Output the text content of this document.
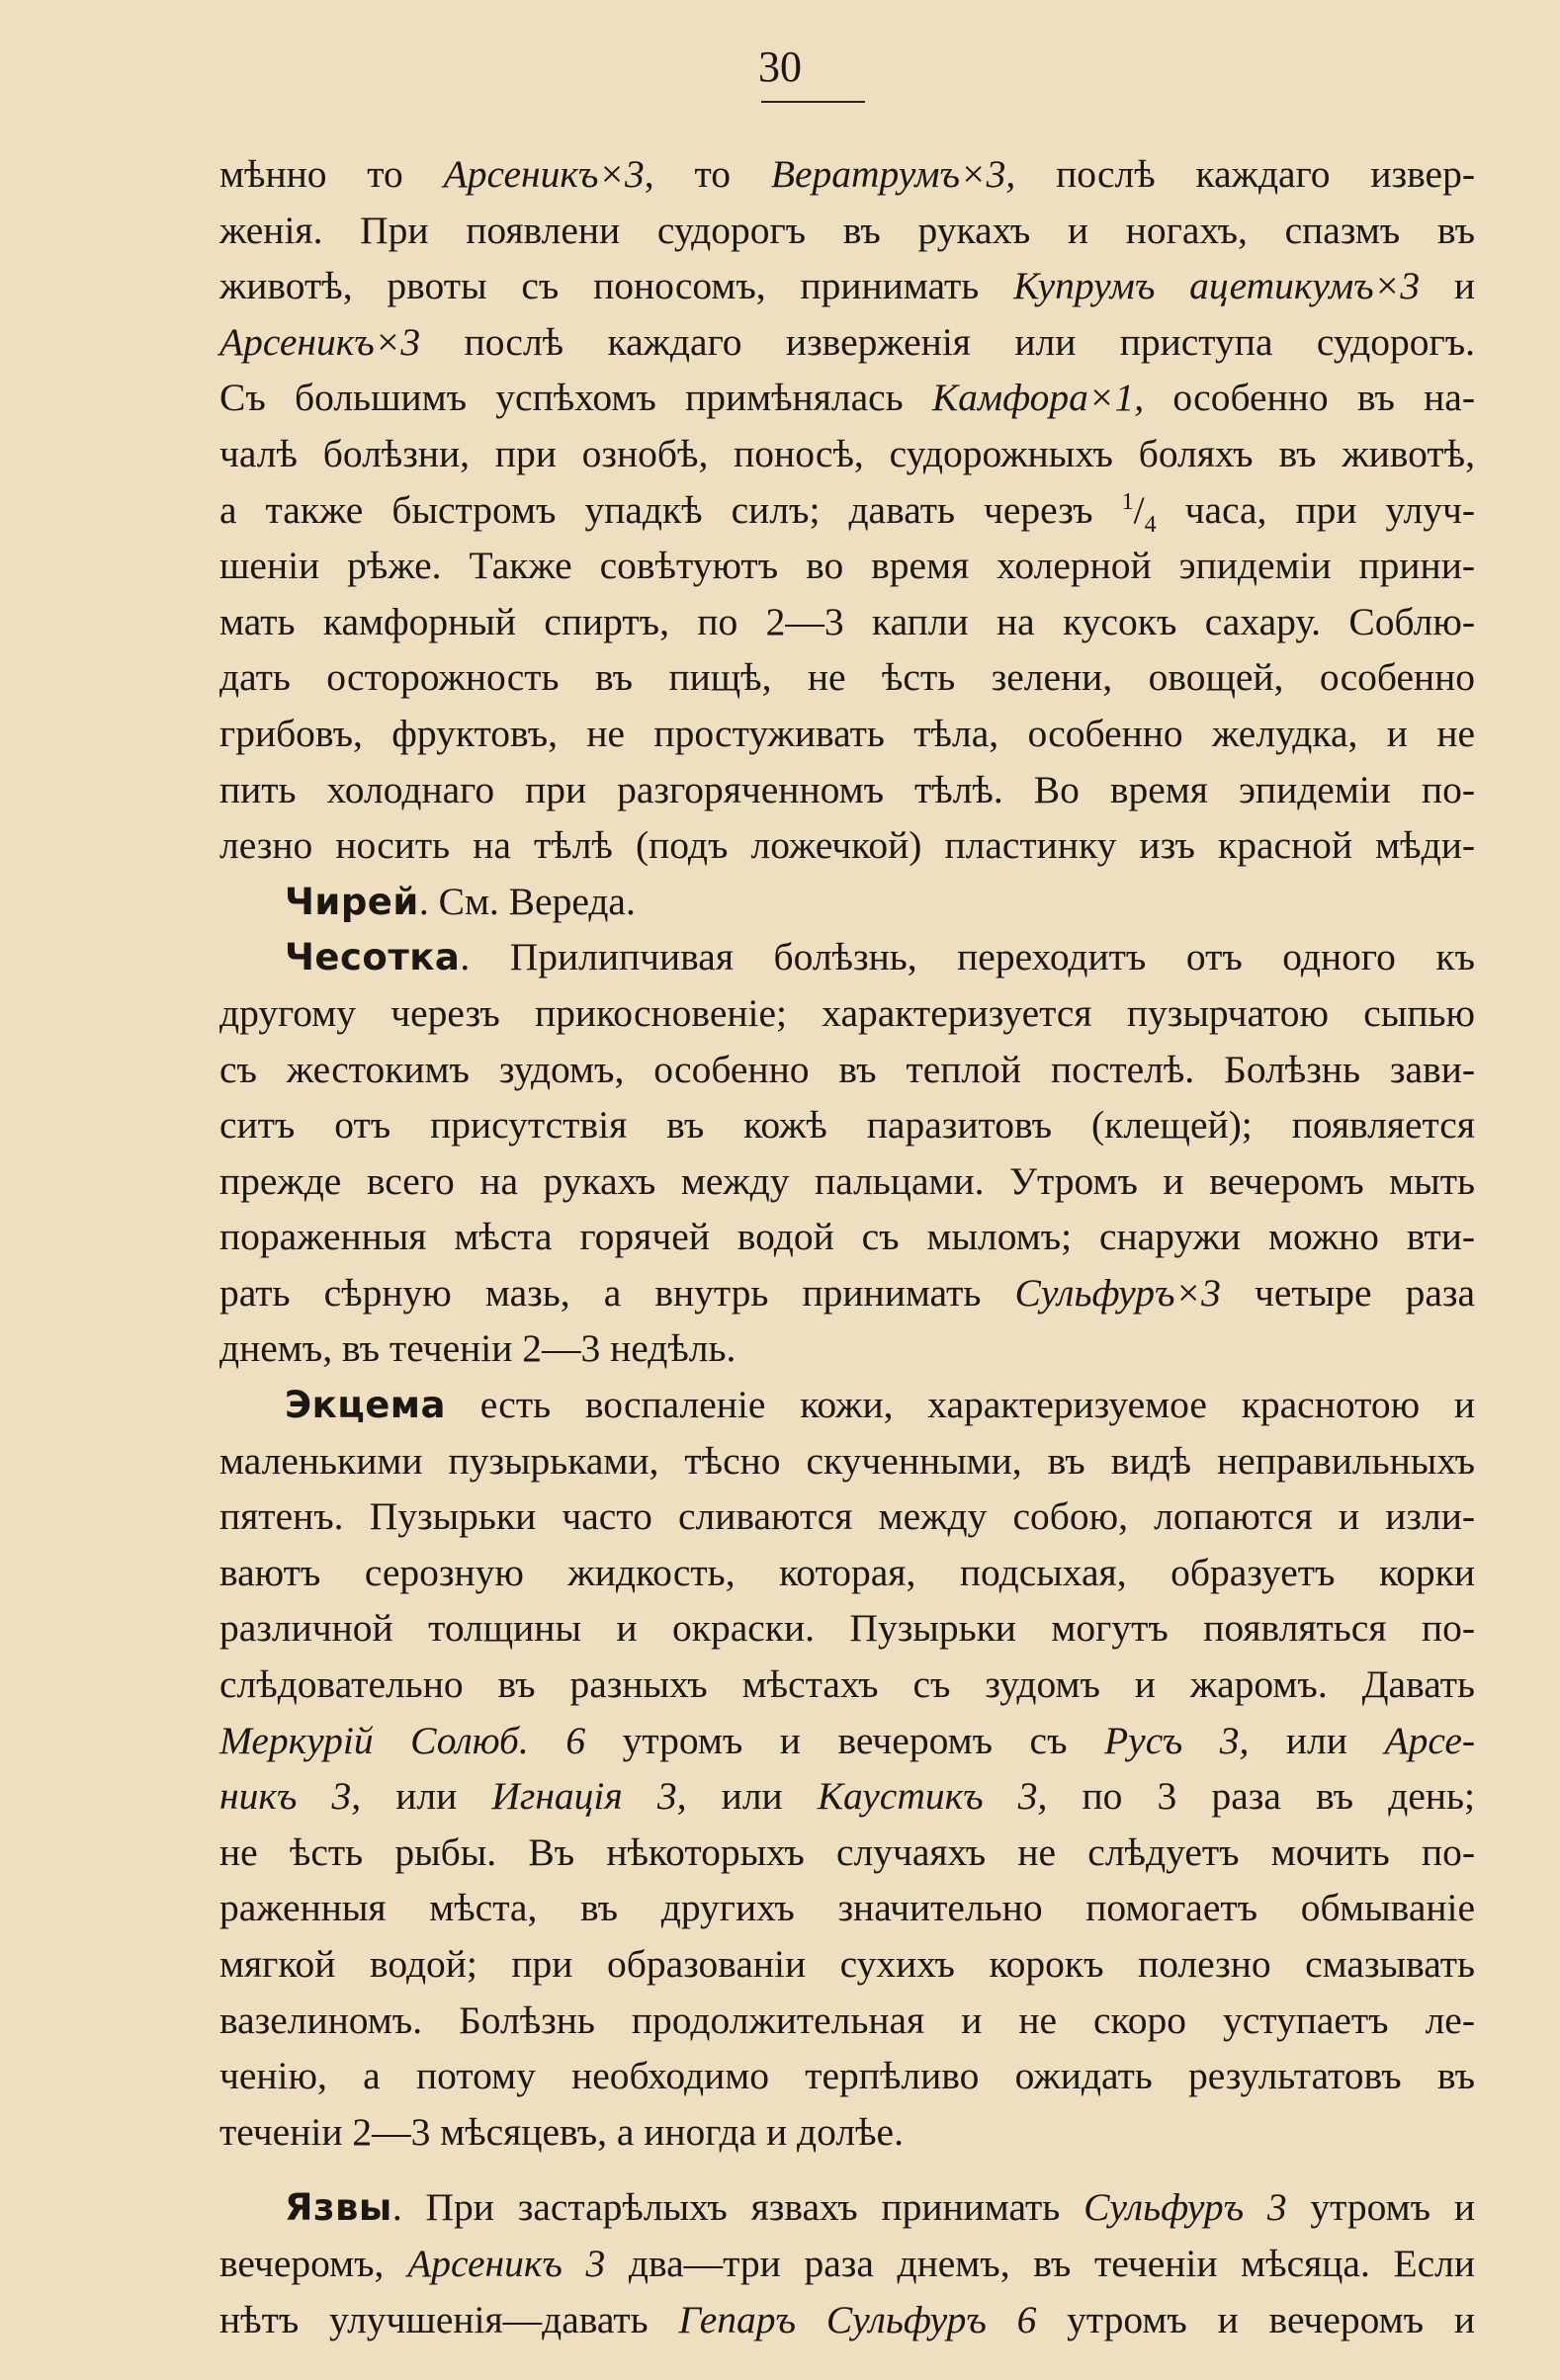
30
мѣнно то Арсеникъ×3, то Вератрумъ×3, послѣ каждаго извер-
женія. При появлени судорогъ въ рукахъ и ногахъ, спазмъ въ
животѣ, рвоты съ поносомъ, принимать Купрумъ ацетикумъ×3 и
Арсеникъ×3 послѣ каждаго изверженія или приступа судорогъ.
Съ большимъ успѣхомъ примѣнялась Камфора×1, особенно въ на-
чалѣ болѣзни, при ознобѣ, поносѣ, судорожныхъ боляхъ въ животѣ,
а также быстромъ упадкѣ силъ; давать черезъ $^1/_4$ часа, при улуч-
шеніи рѣже. Также совѣтуютъ во время холерной эпидеміи прини-
мать камфорный спиртъ, по 2—3 капли на кусокъ сахару. Соблю-
дать осторожность въ пищѣ, не ѣсть зелени, овощей, особенно
грибовъ, фруктовъ, не простуживать тѣла, особенно желудка, и не
пить холоднаго при разгоряченномъ тѣлѣ. Во время эпидеміи по-
лезно носить на тѣлѣ (подъ ложечкой) пластинку изъ красной мѣди-
Чирей. См. Вереда.
Чесотка. Прилипчивая болѣзнь, переходитъ отъ одного къ
другому черезъ прикосновеніе; характеризуется пузырчатою сыпью
съ жестокимъ зудомъ, особенно въ теплой постелѣ. Болѣзнь зави-
ситъ отъ присутствія въ кожѣ паразитовъ (клещей); появляется
прежде всего на рукахъ между пальцами. Утромъ и вечеромъ мыть
пораженныя мѣста горячей водой съ мыломъ; снаружи можно вти-
рать сѣрную мазь, а внутрь принимать Сульфуръ×3 четыре раза
днемъ, въ теченіи 2—3 недѣль.
Экцема есть воспаленіе кожи, характеризуемое краснотою и
маленькими пузырьками, тѣсно скученными, въ видѣ неправильныхъ
пятенъ. Пузырьки часто сливаются между собою, лопаются и изли-
ваютъ серозную жидкость, которая, подсыхая, образуетъ корки
различной толщины и окраски. Пузырьки могутъ появляться по-
слѣдовательно въ разныхъ мѣстахъ съ зудомъ и жаромъ. Давать
Меркурій Солюб. 6 утромъ и вечеромъ съ Русъ 3, или Арсе-
никъ 3, или Игнація 3, или Каустикъ 3, по 3 раза въ день;
не ѣсть рыбы. Въ нѣкоторыхъ случаяхъ не слѣдуетъ мочить по-
раженныя мѣста, въ другихъ значительно помогаетъ обмываніе
мягкой водой; при образованіи сухихъ корокъ полезно смазывать
вазелиномъ. Болѣзнь продолжительная и не скоро уступаетъ ле-
ченію, а потому необходимо терпѣливо ожидать результатовъ въ
теченіи 2—3 мѣсяцевъ, а иногда и долѣе.
Язвы. При застарѣлыхъ язвахъ принимать Сульфуръ 3 утромъ и
вечеромъ, Арсеникъ 3 два—три раза днемъ, въ теченіи мѣсяца. Если
нѣтъ улучшенія—давать Гепаръ Сульфуръ 6 утромъ и вечеромъ и
